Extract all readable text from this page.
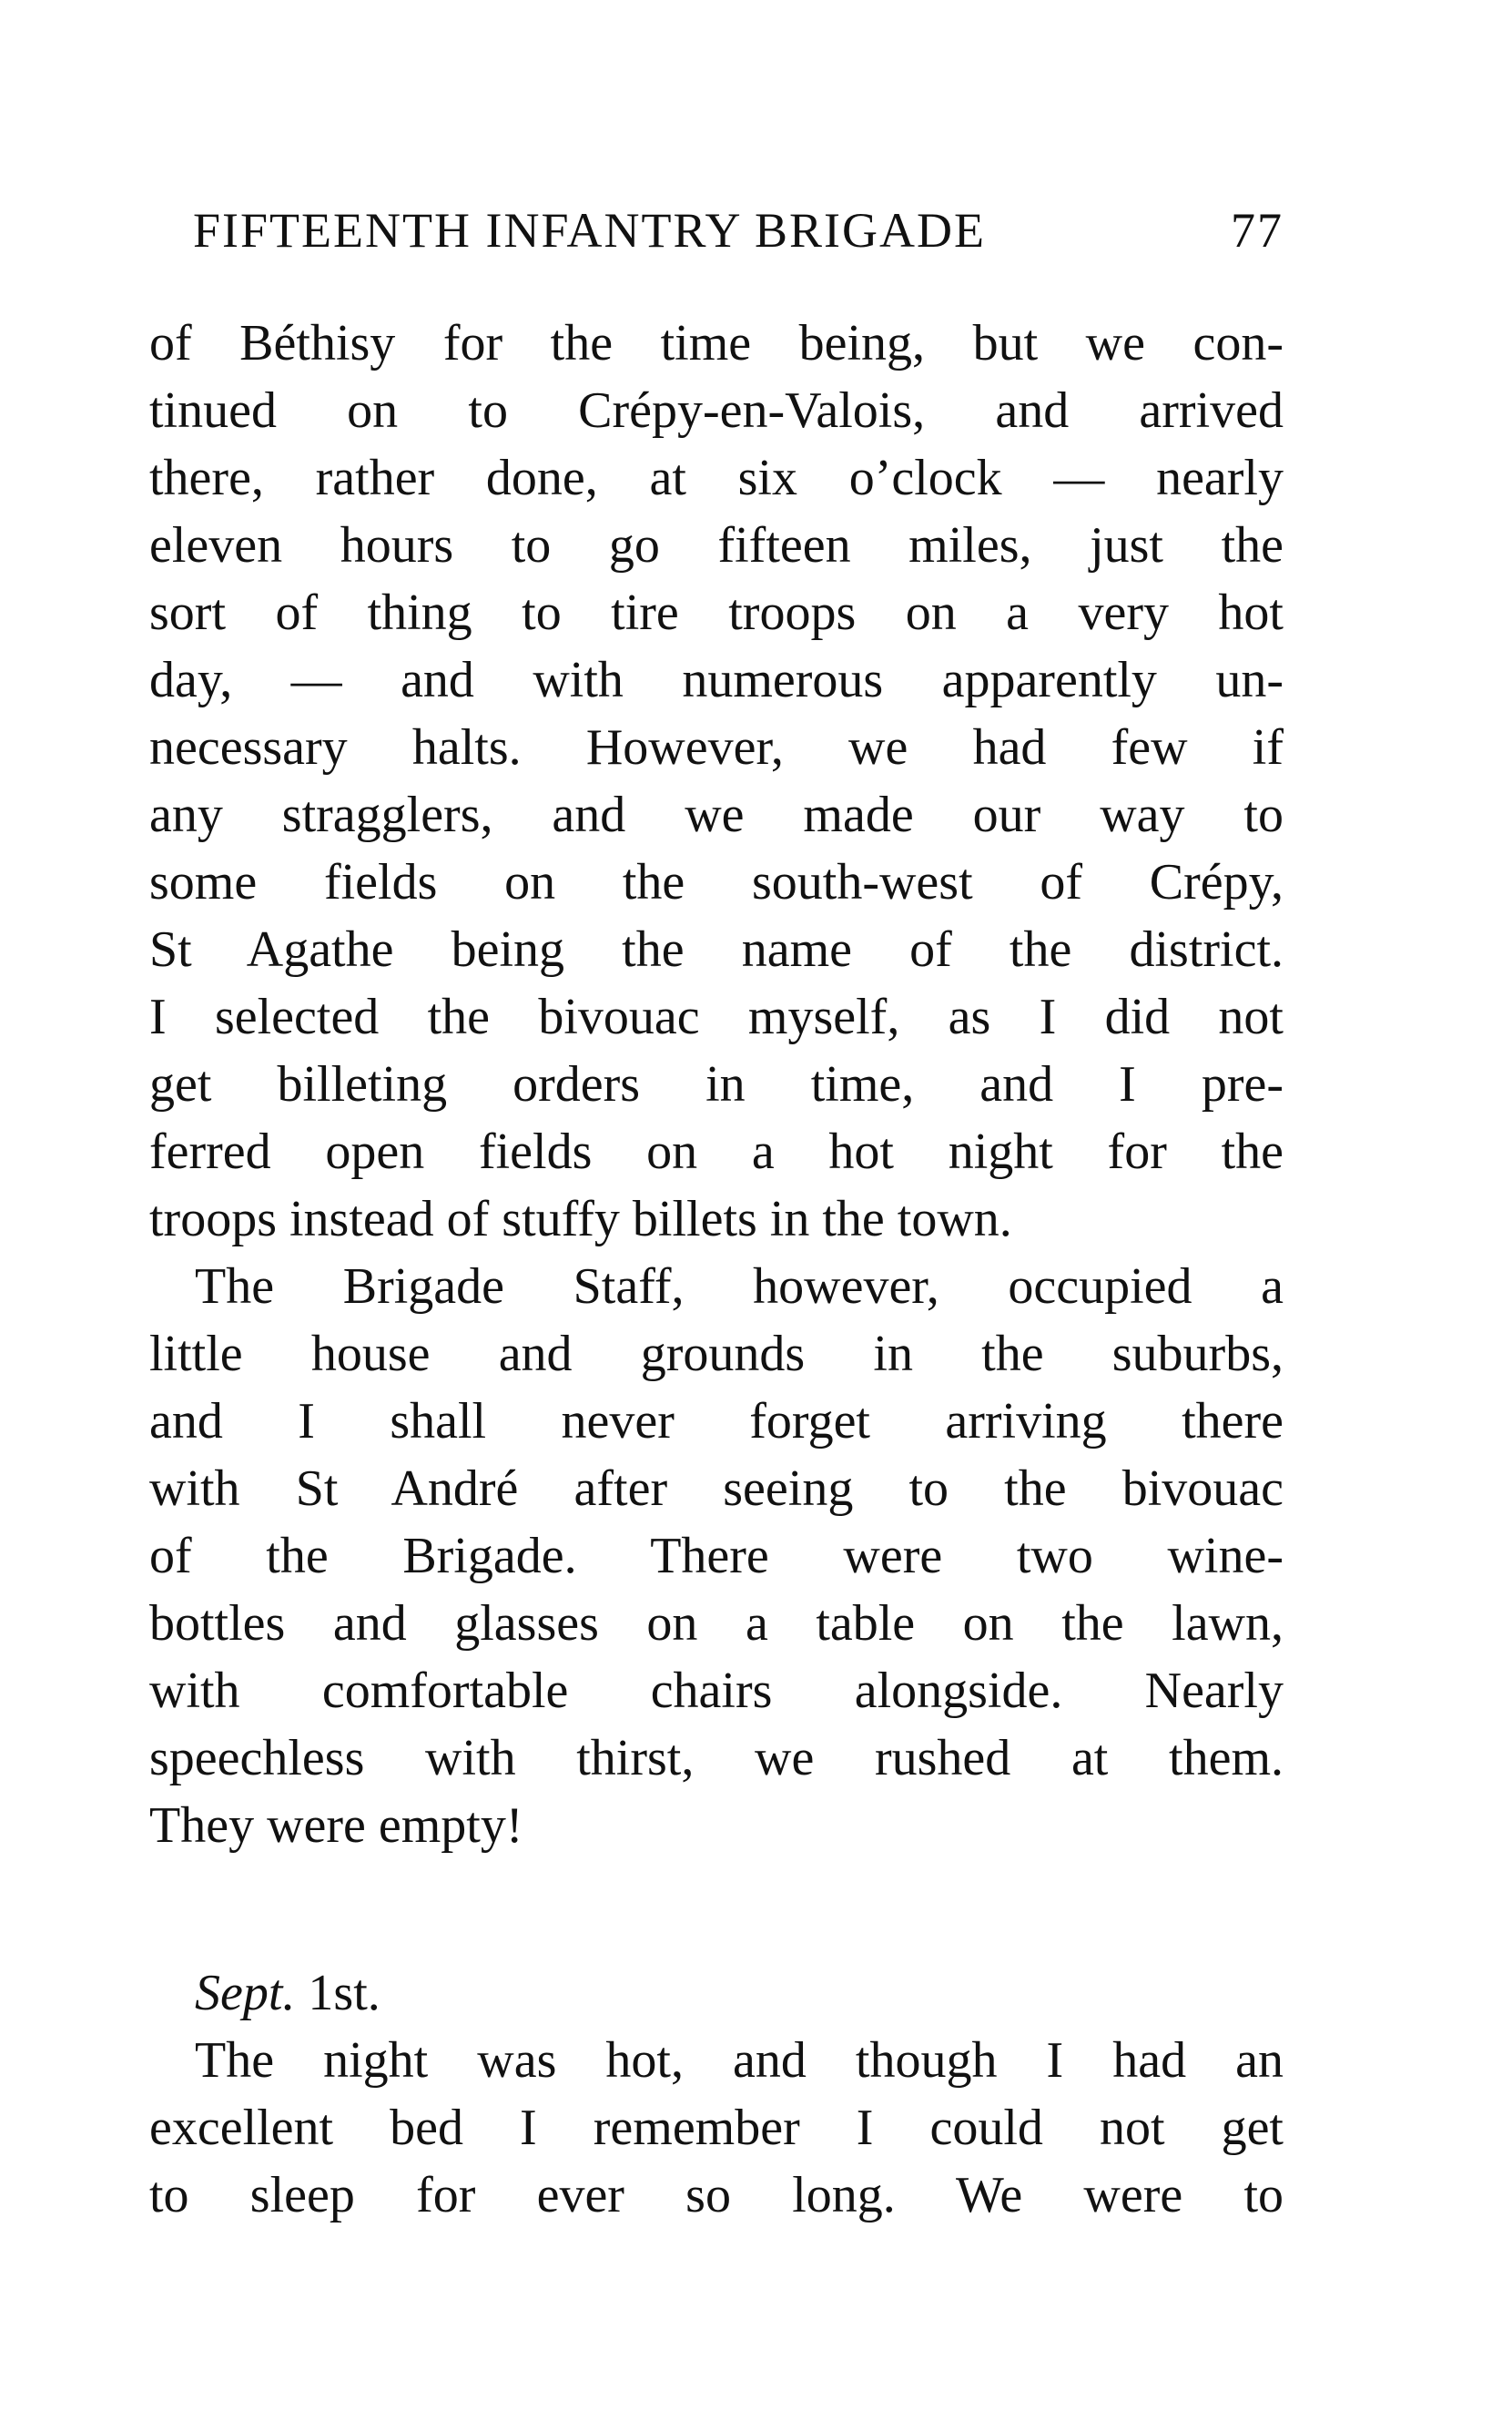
FIFTEENTH INFANTRY BRIGADE	77
of Béthisy for the time being, but we con-
tinued on to Crépy-en-Valois, and arrived
there, rather done, at six o’clock — nearly
eleven hours to go fifteen miles, just the
sort of thing to tire troops on a very hot
day, — and with numerous apparently un-
necessary halts. However, we had few if
any stragglers, and we made our way to
some fields on the south-west of Crépy,
St Agathe being the name of the district.
I selected the bivouac myself, as I did not
get billeting orders in time, and I pre-
ferred open fields on a hot night for the
troops instead of stuffy billets in the town.
The Brigade Staff, however, occupied a
little house and grounds in the suburbs,
and I shall never forget arriving there
with St André after seeing to the bivouac
of the Brigade. There were two wine-
bottles and glasses on a table on the lawn,
with comfortable chairs alongside. Nearly
speechless with thirst, we rushed at them.
They were empty!
Sept. 1st.
The night was hot, and though I had an
excellent bed I remember I could not get
to sleep for ever so long. We were to
